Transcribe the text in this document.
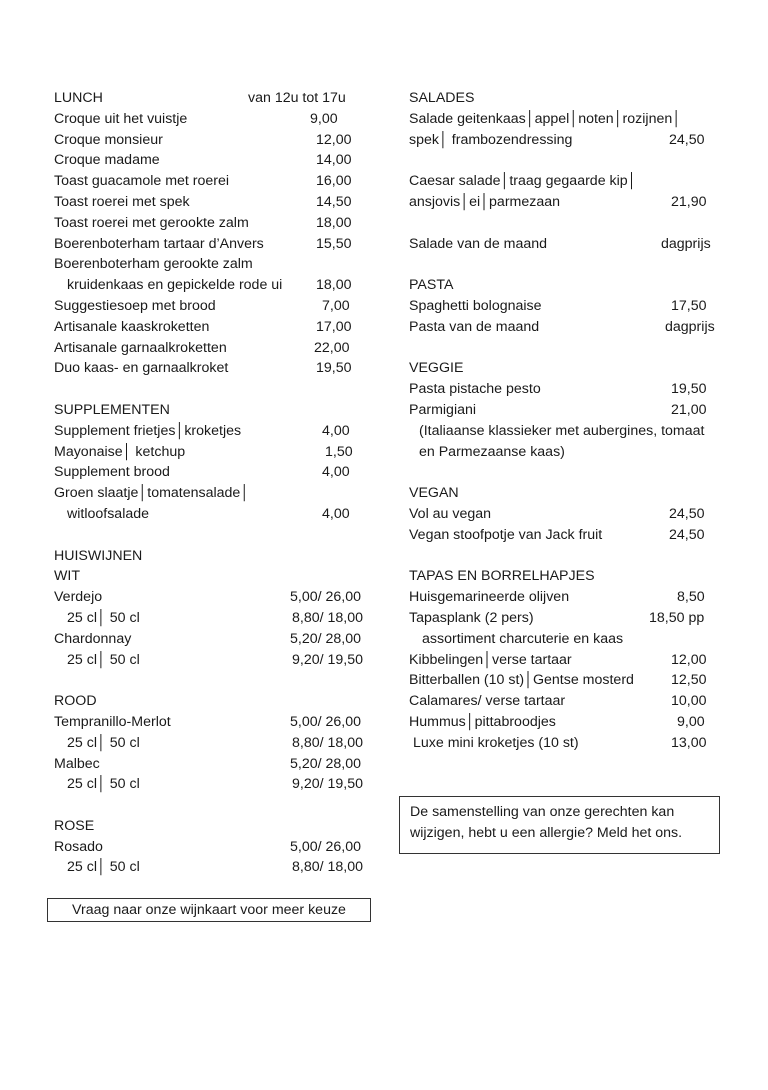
LUNCH	van 12u tot 17u
Croque uit het vuistje	9,00
Croque monsieur	12,00
Croque madame	14,00
Toast guacamole met roerei	16,00
Toast roerei met spek	14,50
Toast roerei met gerookte zalm	18,00
Boerenboterham tartaar d’Anvers	15,50
Boerenboterham gerookte zalm
kruidenkaas en gepickelde rode ui 18,00
Suggestiesoep met brood	7,00
Artisanale kaaskroketten	17,00
Artisanale garnaalkroketten	22,00
Duo kaas- en garnaalkroket	19,50
SUPPLEMENTEN
Supplement frietjes│kroketjes	4,00
Mayonaise│ ketchup	1,50
Supplement brood	4,00
Groen slaatje│tomatensalade│
witloofsalade	4,00
HUISWIJNEN
WIT
Verdejo	5,00/ 26,00
25 cl│ 50 cl	8,80/ 18,00
Chardonnay	5,20/ 28,00
25 cl│ 50 cl	9,20/ 19,50
ROOD
Tempranillo-Merlot	5,00/ 26,00
25 cl│ 50 cl	8,80/ 18,00
Malbec	5,20/ 28,00
25 cl│ 50 cl	9,20/ 19,50
ROSE
Rosado	5,00/ 26,00
25 cl│ 50 cl	8,80/ 18,00
Vraag naar onze wijnkaart voor meer keuze
SALADES
Salade geitenkaas│appel│noten│rozijnen│
spek│ frambozendressing	24,50
Caesar salade│traag gegaarde kip│
ansjovis│ei│parmezaan	21,90
Salade van de maand	dagprijs
PASTA
Spaghetti bolognaise	17,50
Pasta van de maand	dagprijs
VEGGIE
Pasta pistache pesto	19,50
Parmigiani	21,00
(Italiaanse klassieker met aubergines, tomaat
en Parmezaanse kaas)
VEGAN
Vol au vegan	24,50
Vegan stoofpotje van Jack fruit	24,50
TAPAS EN BORRELHAPJES
Huisgemarineerde olijven	8,50
Tapasplank (2 pers)	18,50 pp
assortiment charcuterie en kaas
Kibbelingen│verse tartaar	12,00
Bitterballen (10 st)│Gentse mosterd	12,50
Calamares/ verse tartaar	10,00
Hummus│pittabroodjes	9,00
Luxe mini kroketjes (10 st)	13,00
De samenstelling van onze gerechten kan wijzigen, hebt u een allergie? Meld het ons.
